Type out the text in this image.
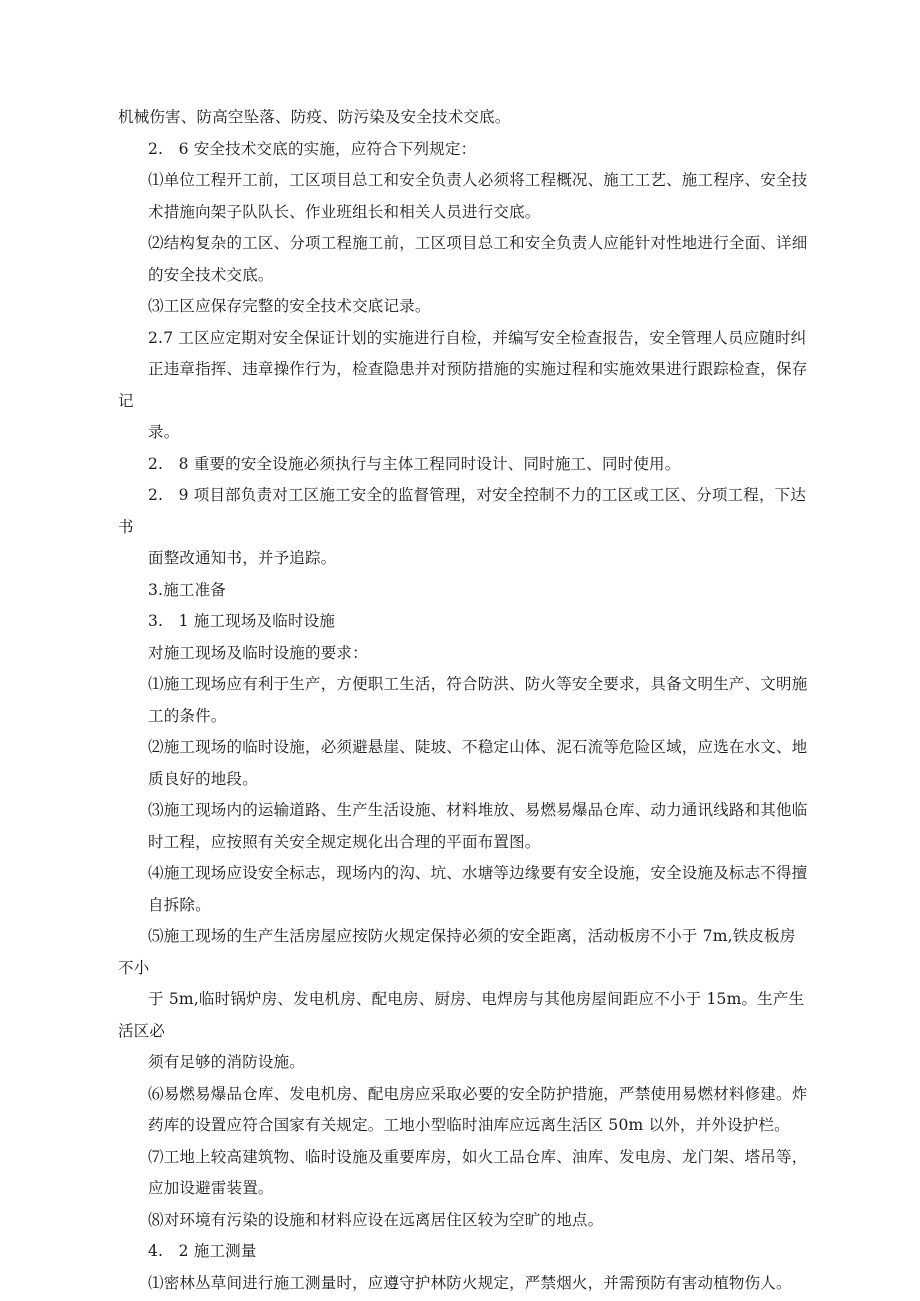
机械伤害、防高空坠落、防疫、防污染及安全技术交底。
2.   6 安全技术交底的实施，应符合下列规定：
⑴单位工程开工前，工区项目总工和安全负责人必须将工程概况、施工工艺、施工程序、安全技
术措施向架子队队长、作业班组长和相关人员进行交底。
⑵结构复杂的工区、分项工程施工前，工区项目总工和安全负责人应能针对性地进行全面、详细
的安全技术交底。
⑶工区应保存完整的安全技术交底记录。
2.7 工区应定期对安全保证计划的实施进行自检，并编写安全检查报告，安全管理人员应随时纠
正违章指挥、违章操作行为，检查隐患并对预防措施的实施过程和实施效果进行跟踪检查，保存记
录。
2.   8 重要的安全设施必须执行与主体工程同时设计、同时施工、同时使用。
2.   9 项目部负责对工区施工安全的监督管理，对安全控制不力的工区或工区、分项工程，下达书
面整改通知书，并予追踪。
3.施工准备
3.   1 施工现场及临时设施
对施工现场及临时设施的要求：
⑴施工现场应有利于生产，方便职工生活，符合防洪、防火等安全要求，具备文明生产、文明施
工的条件。
⑵施工现场的临时设施，必须避悬崖、陡坡、不稳定山体、泥石流等危险区域，应选在水文、地
质良好的地段。
⑶施工现场内的运输道路、生产生活设施、材料堆放、易燃易爆品仓库、动力通讯线路和其他临
时工程，应按照有关安全规定规化出合理的平面布置图。
⑷施工现场应设安全标志，现场内的沟、坑、水塘等边缘要有安全设施，安全设施及标志不得擅
自拆除。
⑸施工现场的生产生活房屋应按防火规定保持必须的安全距离，活动板房不小于 7m,铁皮板房不小
于 5m,临时锅炉房、发电机房、配电房、厨房、电焊房与其他房屋间距应不小于 15m。生产生活区必
须有足够的消防设施。
⑹易燃易爆品仓库、发电机房、配电房应采取必要的安全防护措施，严禁使用易燃材料修建。炸
药库的设置应符合国家有关规定。工地小型临时油库应远离生活区 50m 以外，并外设护栏。
⑺工地上较高建筑物、临时设施及重要库房，如火工品仓库、油库、发电房、龙门架、塔吊等，
应加设避雷装置。
⑻对环境有污染的设施和材料应设在远离居住区较为空旷的地点。
4.   2 施工测量
⑴密林丛草间进行施工测量时，应遵守护林防火规定，严禁烟火，并需预防有害动植物伤人。
